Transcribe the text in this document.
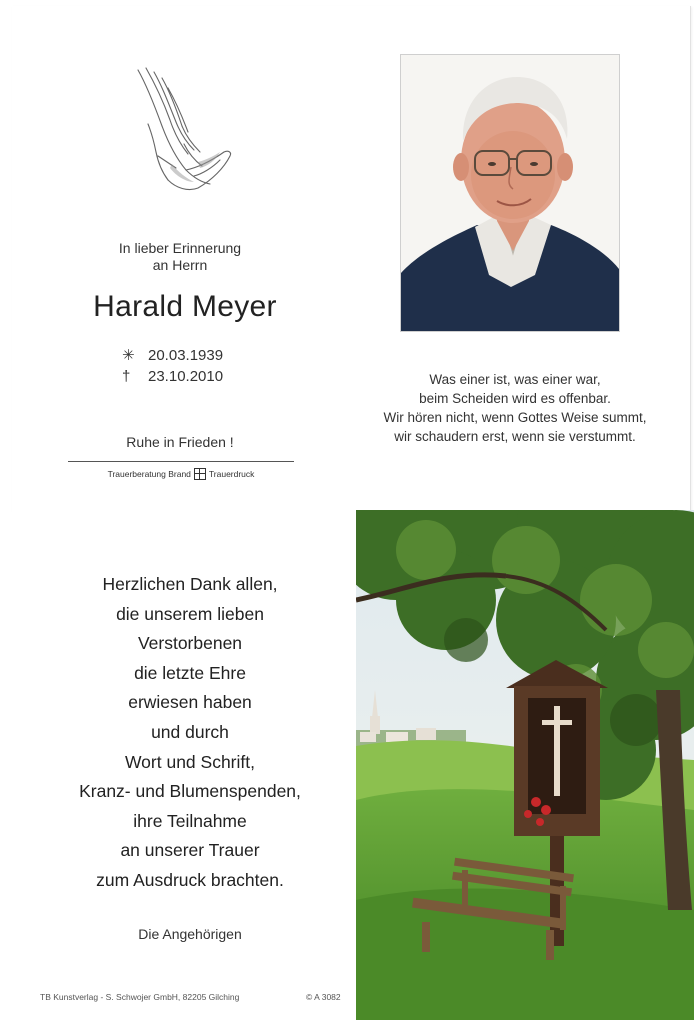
In lieber Erinnerung
an Herrn
Harald Meyer
✳ 20.03.1939
†	23.10.2010
Ruhe in Frieden !
Trauerberatung Brand Trauerdruck
Was einer ist, was einer war,
beim Scheiden wird es offenbar.
Wir hören nicht, wenn Gottes Weise summt,
wir schaudern erst, wenn sie verstummt.
Herzlichen Dank allen,
die unserem lieben
Verstorbenen
die letzte Ehre
erwiesen haben
und durch
Wort und Schrift,
Kranz- und Blumenspenden,
ihre Teilnahme
an unserer Trauer
zum Ausdruck brachten.
Die Angehörigen
TB Kunstverlag - S. Schwojer GmbH, 82205 Gilching	© A 3082
